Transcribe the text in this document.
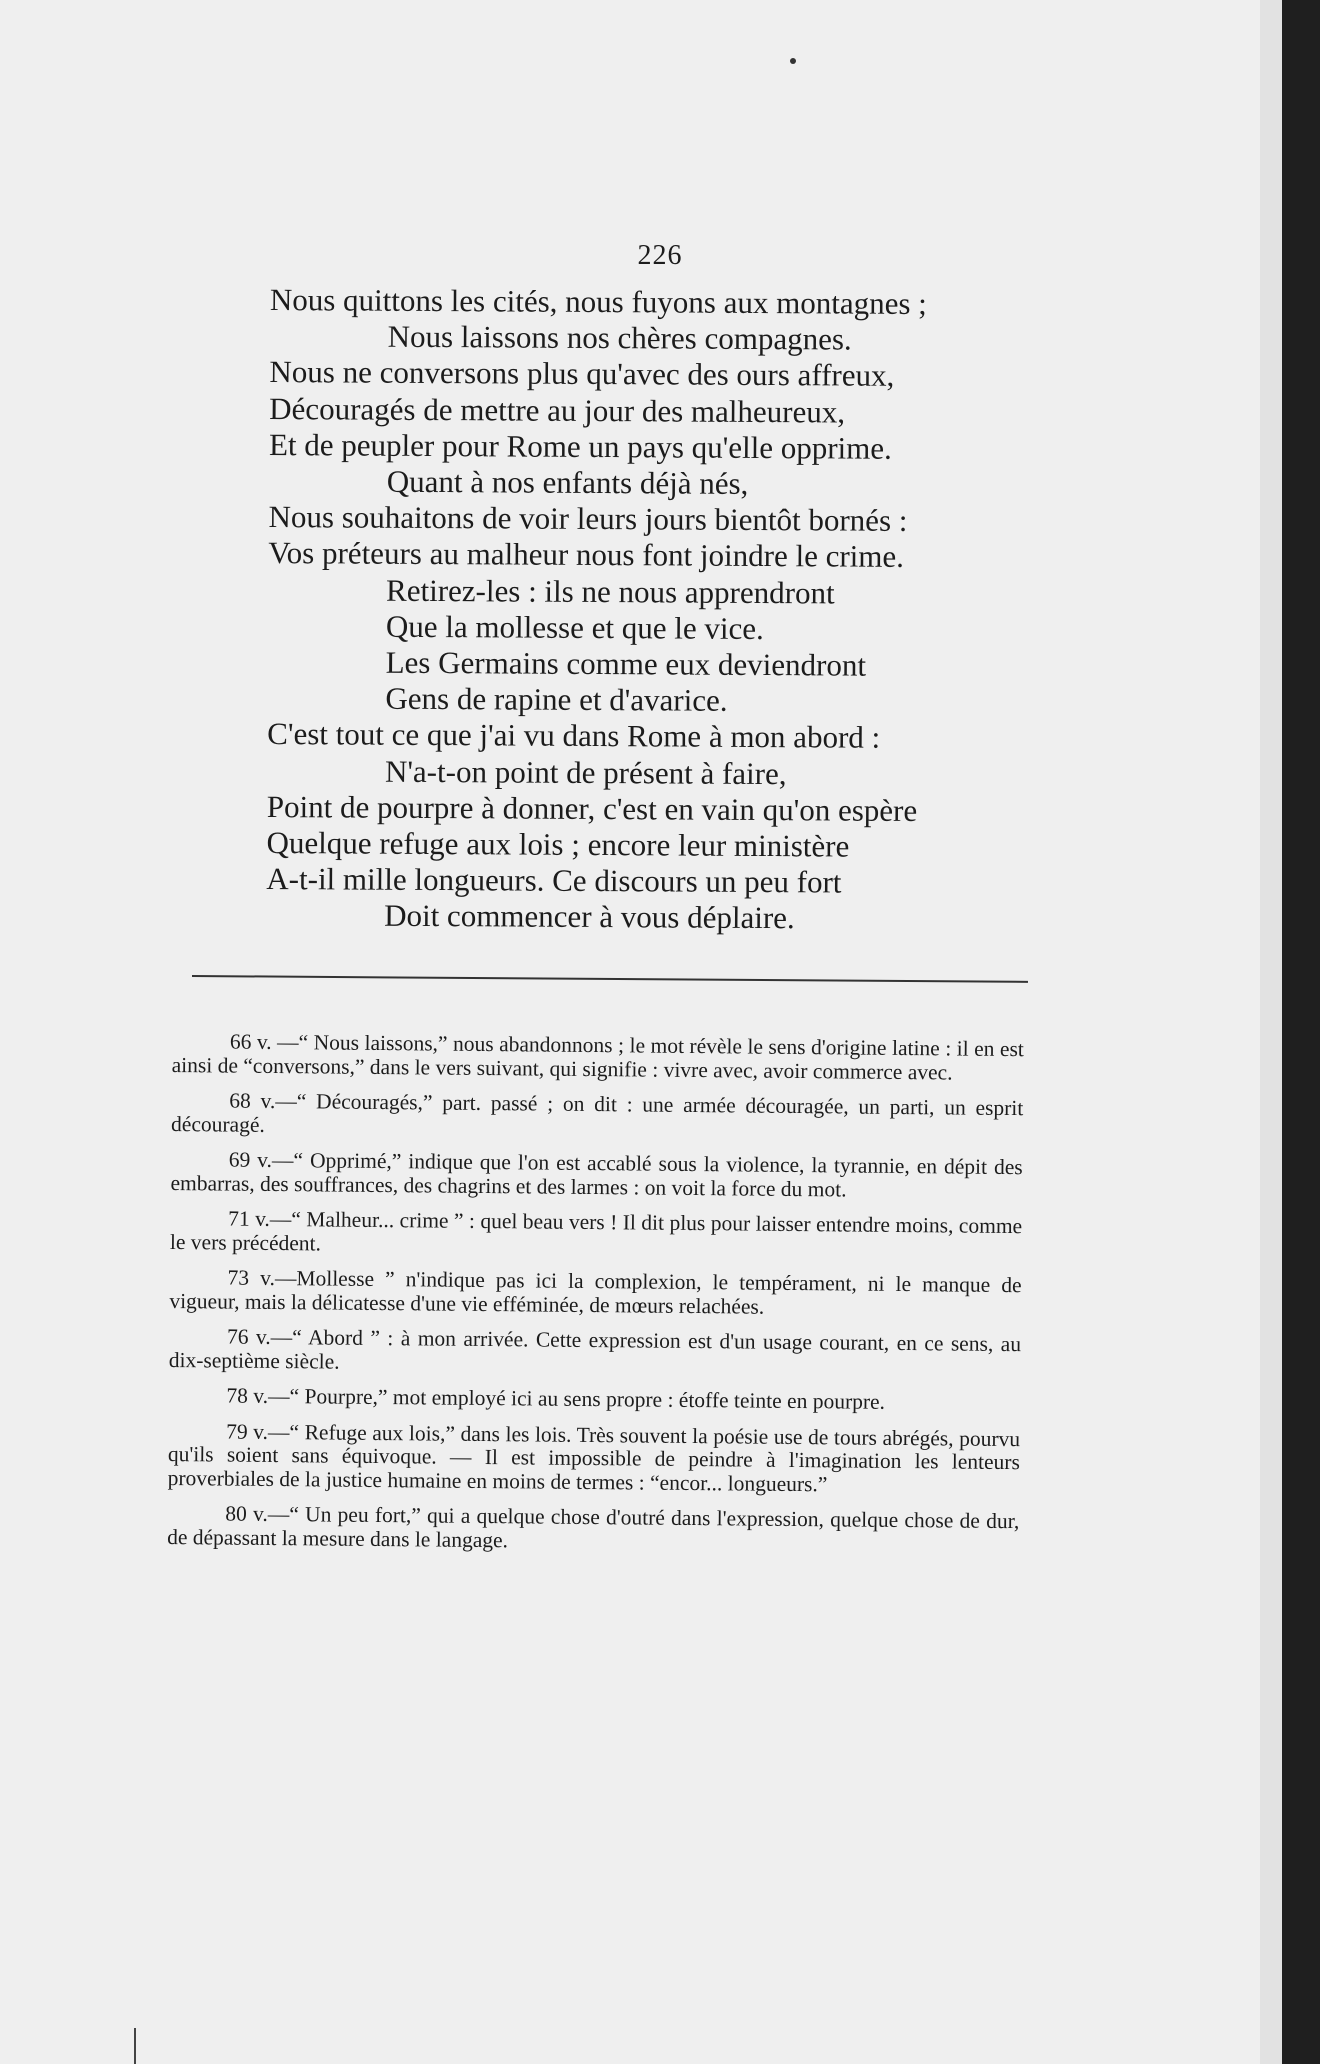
226
Nous quittons les cités, nous fuyons aux montagnes ;
Nous laissons nos chères compagnes.
Nous ne conversons plus qu'avec des ours affreux,
Découragés de mettre au jour des malheureux,
Et de peupler pour Rome un pays qu'elle opprime.
Quant à nos enfants déjà nés,
Nous souhaitons de voir leurs jours bientôt bornés :
Vos préteurs au malheur nous font joindre le crime.
Retirez-les : ils ne nous apprendront
Que la mollesse et que le vice.
Les Germains comme eux deviendront
Gens de rapine et d'avarice.
C'est tout ce que j'ai vu dans Rome à mon abord :
N'a-t-on point de présent à faire,
Point de pourpre à donner, c'est en vain qu'on espère
Quelque refuge aux lois ; encore leur ministère
A-t-il mille longueurs. Ce discours un peu fort
Doit commencer à vous déplaire.

66 v. —“ Nous laissons,” nous abandonnons ; le mot révèle le sens d'origine latine : il en est ainsi de “conversons,” dans le vers suivant, qui signifie : vivre avec, avoir commerce avec.

68 v.—“ Découragés,” part. passé ; on dit : une armée découragée, un parti, un esprit découragé.

69 v.—“ Opprimé,” indique que l'on est accablé sous la violence, la tyrannie, en dépit des embarras, des souffrances, des chagrins et des larmes : on voit la force du mot.

71 v.—“ Malheur... crime ” : quel beau vers ! Il dit plus pour laisser entendre moins, comme le vers précédent.

73 v.—Mollesse ” n'indique pas ici la complexion, le tempérament, ni le manque de vigueur, mais la délicatesse d'une vie efféminée, de mœurs relachées.

76 v.—“ Abord ” : à mon arrivée. Cette expression est d'un usage courant, en ce sens, au dix-septième siècle.

78 v.—“ Pourpre,” mot employé ici au sens propre : étoffe teinte en pourpre.

79 v.—“ Refuge aux lois,” dans les lois. Très souvent la poésie use de tours abrégés, pourvu qu'ils soient sans équivoque. — Il est impossible de peindre à l'imagination les lenteurs proverbiales de la justice humaine en moins de termes : “encor... longueurs.”

80 v.—“ Un peu fort,” qui a quelque chose d'outré dans l'expression, quelque chose de dur, de dépassant la mesure dans le langage.
